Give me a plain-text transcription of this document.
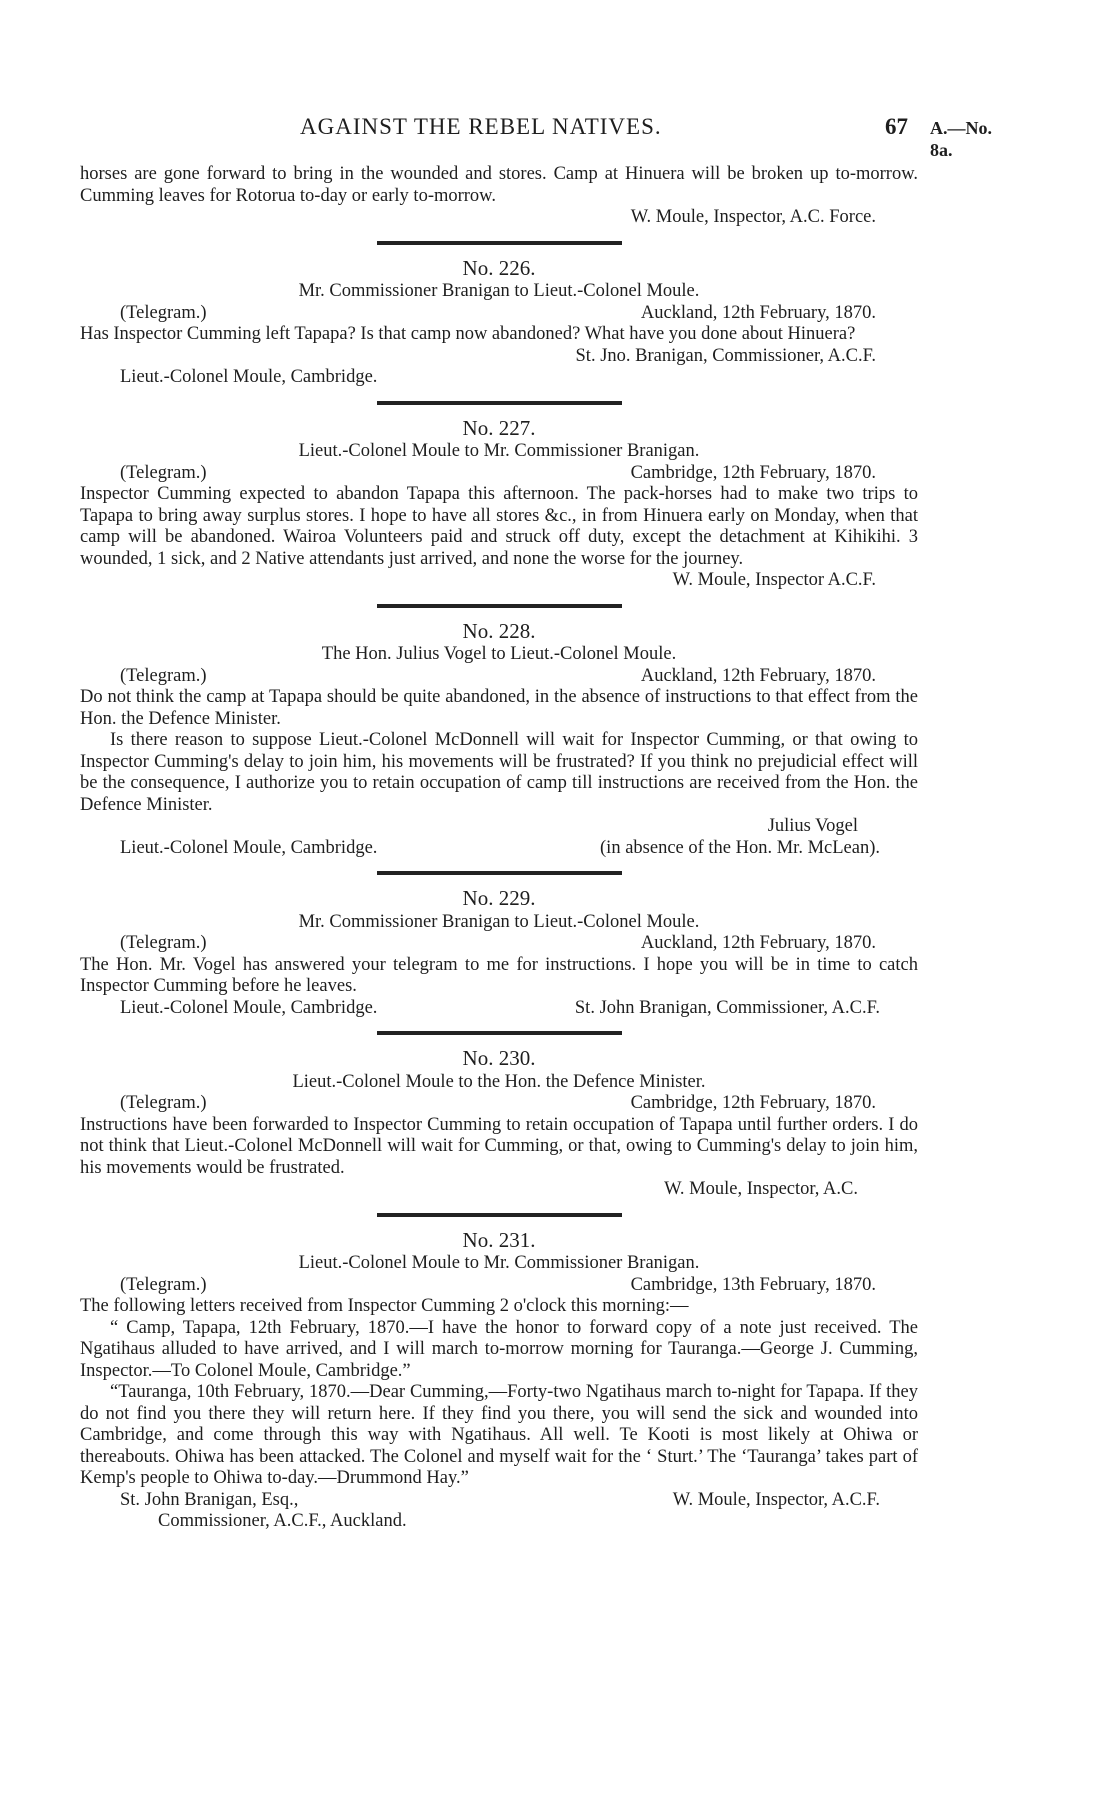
AGAINST THE REBEL NATIVES.	67 A.—No. 8a.

horses are gone forward to bring in the wounded and stores. Camp at Hinuera will be broken up to-morrow. Cumming leaves for Rotorua to-day or early to-morrow.

W. Moule, Inspector, A.C. Force.

No. 226.

Mr. Commissioner Branigan to Lieut.-Colonel Moule.

(Telegram.)	Auckland, 12th February, 1870.

Has Inspector Cumming left Tapapa? Is that camp now abandoned? What have you done about Hinuera?

St. Jno. Branigan, Commissioner, A.C.F.

Lieut.-Colonel Moule, Cambridge.

No. 227.

Lieut.-Colonel Moule to Mr. Commissioner Branigan.

(Telegram.)	Cambridge, 12th February, 1870.

Inspector Cumming expected to abandon Tapapa this afternoon. The pack-horses had to make two trips to Tapapa to bring away surplus stores. I hope to have all stores &c., in from Hinuera early on Monday, when that camp will be abandoned. Wairoa Volunteers paid and struck off duty, except the detachment at Kihikihi. 3 wounded, 1 sick, and 2 Native attendants just arrived, and none the worse for the journey.

W. Moule, Inspector A.C.F.

No. 228.

The Hon. Julius Vogel to Lieut.-Colonel Moule.

(Telegram.)	Auckland, 12th February, 1870.

Do not think the camp at Tapapa should be quite abandoned, in the absence of instructions to that effect from the Hon. the Defence Minister.

Is there reason to suppose Lieut.-Colonel McDonnell will wait for Inspector Cumming, or that owing to Inspector Cumming's delay to join him, his movements will be frustrated? If you think no prejudicial effect will be the consequence, I authorize you to retain occupation of camp till instructions are received from the Hon. the Defence Minister.

Julius Vogel

Lieut.-Colonel Moule, Cambridge.	(in absence of the Hon. Mr. McLean).

No. 229.

Mr. Commissioner Branigan to Lieut.-Colonel Moule.

(Telegram.)	Auckland, 12th February, 1870.

The Hon. Mr. Vogel has answered your telegram to me for instructions. I hope you will be in time to catch Inspector Cumming before he leaves.

Lieut.-Colonel Moule, Cambridge.	St. John Branigan, Commissioner, A.C.F.

No. 230.

Lieut.-Colonel Moule to the Hon. the Defence Minister.

(Telegram.)	Cambridge, 12th February, 1870.

Instructions have been forwarded to Inspector Cumming to retain occupation of Tapapa until further orders. I do not think that Lieut.-Colonel McDonnell will wait for Cumming, or that, owing to Cumming's delay to join him, his movements would be frustrated.

W. Moule, Inspector, A.C.

No. 231.

Lieut.-Colonel Moule to Mr. Commissioner Branigan.

(Telegram.)	Cambridge, 13th February, 1870.

The following letters received from Inspector Cumming 2 o'clock this morning:—

“ Camp, Tapapa, 12th February, 1870.—I have the honor to forward copy of a note just received. The Ngatihaus alluded to have arrived, and I will march to-morrow morning for Tauranga.—George J. Cumming, Inspector.—To Colonel Moule, Cambridge.”

“Tauranga, 10th February, 1870.—Dear Cumming,—Forty-two Ngatihaus march to-night for Tapapa. If they do not find you there they will return here. If they find you there, you will send the sick and wounded into Cambridge, and come through this way with Ngatihaus. All well. Te Kooti is most likely at Ohiwa or thereabouts. Ohiwa has been attacked. The Colonel and myself wait for the ‘ Sturt.’ The ‘Tauranga’ takes part of Kemp's people to Ohiwa to-day.—Drummond Hay.”

St. John Branigan, Esq.,	W. Moule, Inspector, A.C.F.

Commissioner, A.C.F., Auckland.
